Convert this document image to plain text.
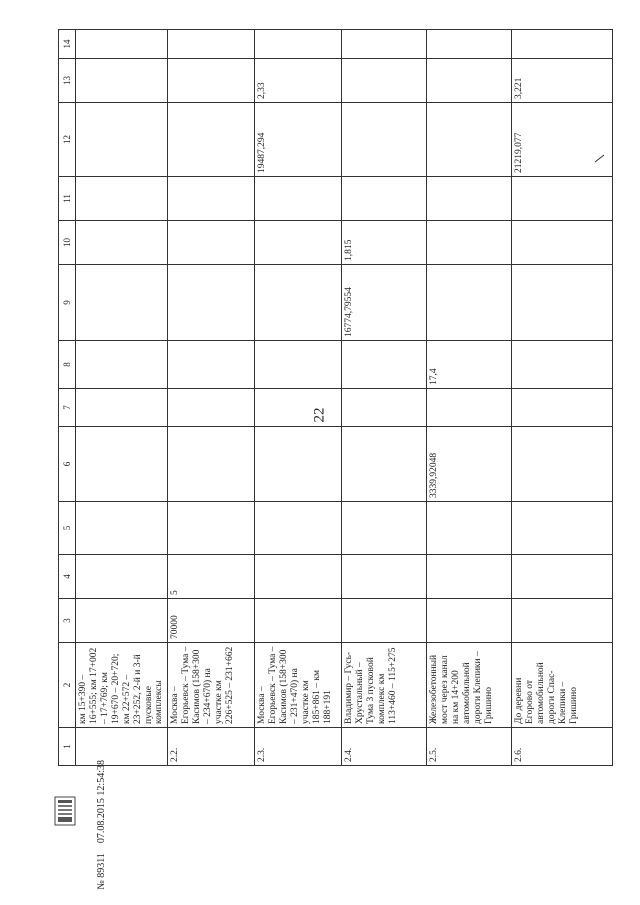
22
1	2	3	4	5	6	7	8	9	10	11	12	13	14
	км 15+390 – 16+555; км 17+002 – 17+769; км 19+670 – 20+720; км 22+572 – 23+252, 2-й и 3-й пусковые комплексы												
2.2.	Москва – Егорьевск – Тума – Касимов (158+300 – 234+670) на участке км 226+525 – 231+662	70000	5										
2.3.	Москва – Егорьевск – Тума – Касимов (158+300 – 231+470) на участке км 185+861 – км 188+191										19487,294	2,33	
2.4.	Владимир – Гусь-Хрустальный – Тума 3 пусковой комплекс км 113+460 – 115+275							16774,79554	1,815				
2.5.	Железобетонный мост через канал на км 14+200 автомобильной дороги Клепики – Гришино				3339,92048		17,4						
2.6.	До деревни Егорово от автомобильной дороги Спас-Клепики – Гришино										21219,077	3,221	
№ 89311    07.08.2015 12:54:38
